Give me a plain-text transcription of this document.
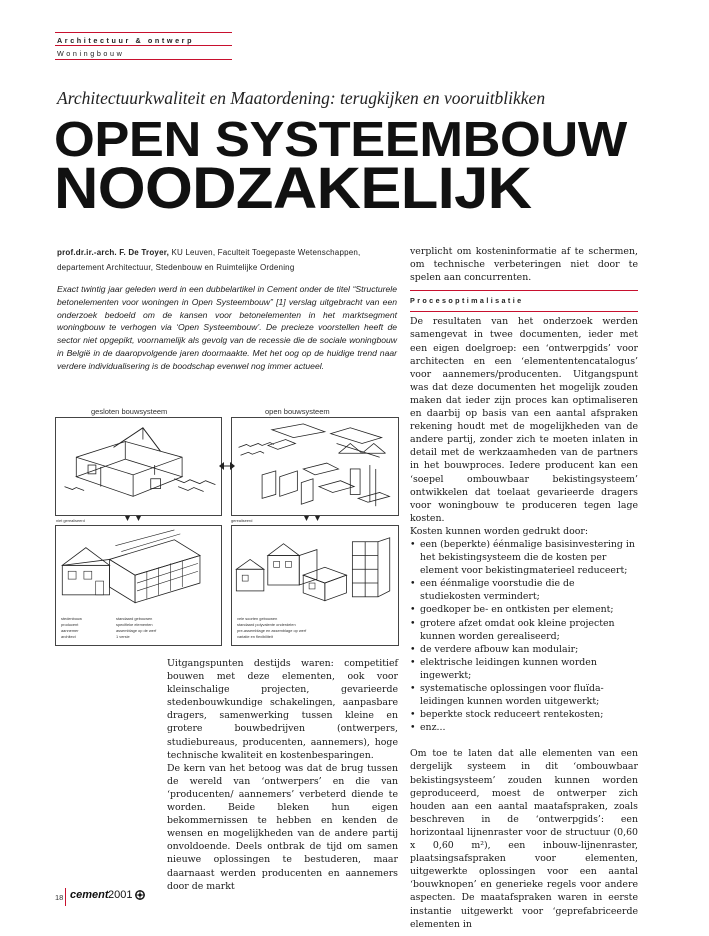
Architectuur & ontwerp
Woningbouw
Architectuurkwaliteit en Maatordening: terugkijken en vooruitblikken
OPEN SYSTEEMBOUW
NOODZAKELIJK
prof.dr.ir.-arch. F. De Troyer, KU Leuven, Faculteit Toegepaste Wetenschappen,
departement Architectuur, Stedenbouw en Ruimtelijke Ordening

Exact twintig jaar geleden werd in een dubbelartikel in Cement onder de titel “Structurele betonelementen voor woningen in Open Systeembouw” [1] verslag uitgebracht van een onderzoek bedoeld om de kansen voor betonelementen in het marktsegment woningbouw te verhogen via ‘Open Systeembouw’. De precieze voorstellen heeft de sector niet opgepikt, voornamelijk als gevolg van de recessie die de sociale woningbouw in België in de daaropvolgende jaren doormaakte. Met het oog op de huidige trend naar verdere individualisering is de boodschap evenwel nog immer actueel.

gesloten bouwsysteem	open bouwsysteem
niet gerealiseerd	gerealiseerd
stedenbouw
producent
aannemer
architect
standaard gebouwen
specifieke elementen
assemblage op de werf
1 versie
vele soorten gebouwen
standaard polyvalente onderdelen
pre-assemblage en assemblage op werf
variatie en flexibiliteit

Uitgangspunten destijds waren: competitief bouwen met deze elementen, ook voor kleinschalige projecten, gevarieerde stedenbouwkundige schakelingen, aanpasbare dragers, samenwerking tussen kleine en grotere bouwbedrijven (ontwerpers, studiebureaus, producenten, aannemers), hoge technische kwaliteit en kostenbesparingen.

De kern van het betoog was dat de brug tussen de wereld van ‘ontwerpers’ en die van ‘producenten/ aannemers’ verbeterd diende te worden. Beide bleken hun eigen bekommernissen te hebben en kenden de wensen en mogelijkheden van de andere partij onvoldoende. Deels ontbrak de tijd om samen nieuwe oplossingen te bestuderen, maar daarnaast werden producenten en aannemers door de markt

verplicht om kosteninformatie af te schermen, om technische verbeteringen niet door te spelen aan concurrenten.

Procesoptimalisatie

De resultaten van het onderzoek werden samengevat in twee documenten, ieder met een eigen doelgroep: een ‘ontwerpgids’ voor architecten en een ‘elemententencatalogus’ voor aannemers/producenten. Uitgangspunt was dat deze documenten het mogelijk zouden maken dat ieder zijn proces kan optimaliseren en daarbij op basis van een aantal afspraken rekening houdt met de mogelijkheden van de andere partij, zonder zich te moeten inlaten in detail met de werkzaamheden van de partners in het bouwproces. Iedere producent kan een ‘soepel ombouwbaar bekistingsysteem’ ontwikkelen dat toelaat gevarieerde dragers voor woningbouw te produceren tegen lage kosten.

Kosten kunnen worden gedrukt door:

• een (beperkte) éénmalige basisinvestering in het bekistingsysteem die de kosten per element voor bekistingmaterieel reduceert;
• een éénmalige voorstudie die de studiekosten vermindert;
• goedkoper be- en ontkisten per element;
• grotere afzet omdat ook kleine projecten kunnen worden gerealiseerd;
• de verdere afbouw kan modulair;
• elektrische leidingen kunnen worden ingewerkt;
• systematische oplossingen voor fluïda-leidingen kunnen worden uitgewerkt;
• beperkte stock reduceert rentekosten;
• enz...

Om toe te laten dat alle elementen van een dergelijk systeem in dit ‘ombouwbaar bekistingsysteem’ zouden kunnen worden geproduceerd, moest de ontwerper zich houden aan een aantal maatafspraken, zoals beschreven in de ‘ontwerpgids’: een horizontaal lijnenraster voor de structuur (0,60 x 0,60 m²), een inbouw-lijnenraster, plaatsingsafspraken voor elementen, uitgewerkte oplossingen voor een aantal ‘bouwknopen’ en generieke regels voor andere aspecten. De maatafspraken waren in eerste instantie uitgewerkt voor ‘geprefabriceerde elementen in

18 cement 2001
